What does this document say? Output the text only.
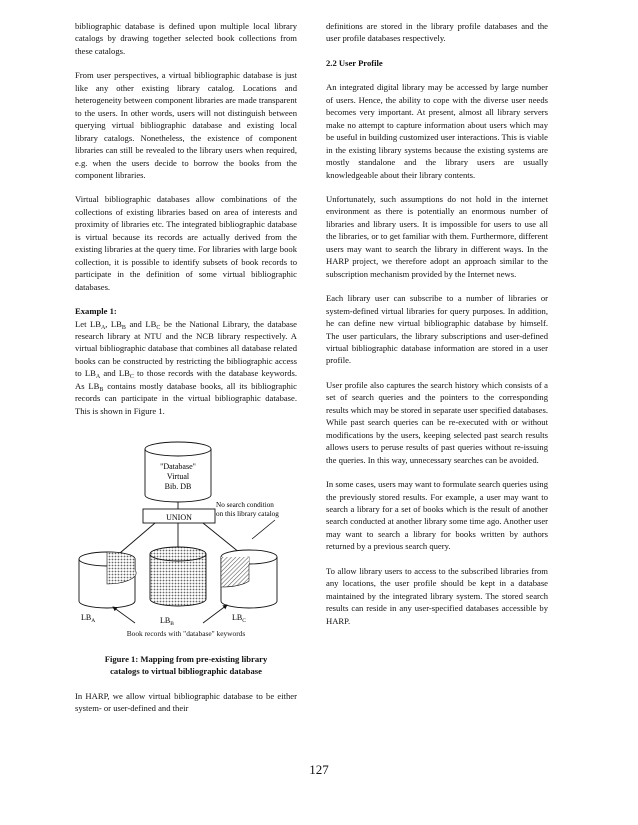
bibliographic database is defined upon multiple local library catalogs by drawing together selected book collections from these catalogs.

From user perspectives, a virtual bibliographic database is just like any other existing library catalog. Locations and heterogeneity between component libraries are made transparent to the users. In other words, users will not distinguish between querying virtual bibliographic database and existing local library catalogs. Nonetheless, the existence of component libraries can still be revealed to the library users when required, e.g. when the users decide to borrow the books from the component libraries.

Virtual bibliographic databases allow combinations of the collections of existing libraries based on area of interests and proximity of libraries etc. The integrated bibliographic database is virtual because its records are actually derived from the existing libraries at the query time. For libraries with large book collection, it is possible to identify subsets of book records to participate in the definition of some virtual bibliographic databases.

Example 1:
Let $LB_A$, $LB_B$ and $LB_C$ be the National Library, the database research library at NTU and the NCB library respectively. A virtual bibliographic database that combines all database related books can be constructed by restricting the bibliographic access to $LB_A$ and $LB_C$ to those records with the database keywords. As $LB_B$ contains mostly database books, all its bibliographic records can participate in the virtual bibliographic database. This is shown in Figure 1.
"Database"
Virtual
Bib. DB
UNION
No search condition
on this library catalog
$LB_A$	$LB_B$
$LB_C$
Book records with "database" keywords
Figure 1: Mapping from pre-existing library
catalogs to virtual bibliographic database

In HARP, we allow virtual bibliographic database to be either system- or user-defined and their

definitions are stored in the library profile databases and the user profile databases respectively.

2.2 User Profile

An integrated digital library may be accessed by large number of users. Hence, the ability to cope with the diverse user needs becomes very important. At present, almost all library servers make no attempt to capture information about users which may be useful in building customized user interactions. This is viable in the existing library systems because the existing systems are mostly standalone and the library users are usually knowledgeable about their library contents.

Unfortunately, such assumptions do not hold in the internet environment as there is potentially an enormous number of libraries and library users. It is impossible for users to use all the libraries, or to get familiar with them. Furthermore, different users may want to search the library in different ways. In the HARP project, we therefore adopt an approach similar to the subscription mechanism provided by the Internet news.

Each library user can subscribe to a number of libraries or system-defined virtual libraries for query purposes. In addition, he can define new virtual bibliographic database by himself. The user particulars, the library subscriptions and user-defined virtual bibliographic database information are stored in a user profile.

User profile also captures the search history which consists of a set of search queries and the pointers to the corresponding results which may be stored in separate user specified databases. While past search queries can be re-executed with or without modifications by the users, keeping selected past search results allows users to peruse results of past queries without re-issuing the queries. In this way, unnecessary searches can be avoided.

In some cases, users may want to formulate search queries using the previously stored results. For example, a user may want to search a library for a set of books which is the result of another search conducted at another library some time ago. Another user may want to search a library for books written by authors returned by a previous search query.

To allow library users to access to the subscribed libraries from any locations, the user profile should be kept in a database maintained by the integrated library system. The stored search results can reside in any user-specified databases accessible by HARP.

127
